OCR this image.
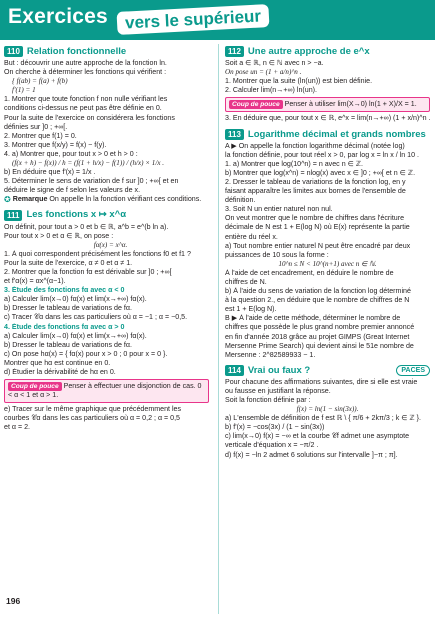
Exercices vers le supérieur
110 Relation fonctionnelle
But : découvrir une autre approche de la fonction ln.
On cherche à déterminer les fonctions qui vérifient :
{ f(ab) = f(a) + f(b)
f'(1) = 1
1. Montrer que toute fonction f non nulle vérifiant les
conditions ci-dessus ne peut pas être définie en 0.
Pour la suite de l'exercice on considérera les fonctions
définies sur ]0 ; +∞[.
2. Montrer que f(1) = 0.
3. Montrer que f(x/y) = f(x) − f(y).
4. a) Montrer que, pour tout x > 0 et h > 0 :
(f(x + h) − f(x)) / h = (f(1 + h/x) − f(1)) / (h/x) × 1/x .
b) En déduire que f'(x) = 1/x .
5. Déterminer le sens de variation de f sur ]0 ; +∞[ et en
déduire le signe de f selon les valeurs de x.
✪ Remarque On appelle ln la fonction vérifiant ces conditions.
111 Les fonctions x ↦ x^α
On définit, pour tout a > 0 et b ∈ ℝ, a^b = e^(b ln a).
Pour tout x > 0 et α ∈ ℝ, on pose :
fα(x) = x^α.
1. À quoi correspondent précisément les fonctions f0 et f1 ?
Pour la suite de l'exercice, α ≠ 0 et α ≠ 1.
2. Montrer que la fonction fα est dérivable sur ]0 ; +∞[
et f'α(x) = αx^(α−1).
3. Étude des fonctions fα avec α < 0
a) Calculer lim(x→0) fα(x) et lim(x→+∞) fα(x).
b) Dresser le tableau de variations de fα.
c) Tracer 𝒞α dans les cas particuliers où α = −1 ; α = −0,5.
4. Étude des fonctions fα avec α > 0
a) Calculer lim(x→0) fα(x) et lim(x→+∞) fα(x).
b) Dresser le tableau de variations de fα.
c) On pose hα(x) = { fα(x) pour x > 0 ; 0 pour x = 0 }.
Montrer que hα est continue en 0.
d) Étudier la dérivabilité de hα en 0.
Coup de pouce Penser à effectuer une disjonction de cas. 0 < α < 1 et α > 1.
e) Tracer sur le même graphique que précédemment les
courbes 𝒞α dans les cas particuliers où α = 0,2 ; α = 0,5
et α = 2.
112 Une autre approche de e^x
Soit a ∈ ℝ, n ∈ ℕ avec n > −a.
On pose un = (1 + a/n)^n .
1. Montrer que la suite (ln(un)) est bien définie.
2. Calculer lim(n→+∞) ln(un).
Coup de pouce Penser à utiliser lim(X→0) ln(1 + X)/X = 1.
3. En déduire que, pour tout x ∈ ℝ, e^x = lim(n→+∞) (1 + x/n)^n .
113 Logarithme décimal et grands nombres
A ▶ On appelle la fonction logarithme décimal (notée log)
la fonction définie, pour tout réel x > 0, par log x = ln x / ln 10 .
1. a) Montrer que log(10^n) = n avec n ∈ ℤ.
b) Montrer que log(x^n) = nlog(x) avec x ∈ ]0 ; +∞[ et n ∈ ℤ.
2. Dresser le tableau de variations de la fonction log, en y
faisant apparaître les limites aux bornes de l'ensemble de
définition.
3. Soit N un entier naturel non nul.
On veut montrer que le nombre de chiffres dans l'écriture
décimale de N est 1 + E(log N) où E(x) représente la partie
entière du réel x.
a) Tout nombre entier naturel N peut être encadré par deux
puissances de 10 sous la forme :
10^n ≤ N < 10^(n+1) avec n ∈ ℕ.
À l'aide de cet encadrement, en déduire le nombre de
chiffres de N.
b) À l'aide du sens de variation de la fonction log déterminé
à la question 2., en déduire que le nombre de chiffres de N
est 1 + E(log N).
B ▶ À l'aide de cette méthode, déterminer le nombre de
chiffres que possède le plus grand nombre premier annoncé
en fin d'année 2018 grâce au projet GIMPS (Great Internet
Mersenne Prime Search) qui devient ainsi le 51e nombre de
Mersenne : 2^82589933 − 1.
114 Vrai ou faux ?	PACES
Pour chacune des affirmations suivantes, dire si elle est vraie
ou fausse en justifiant la réponse.
Soit la fonction définie par :
f(x) = ln(1 − sin(3x)).
a) L'ensemble de définition de f est ℝ \ { π/6 + 2kπ/3 ; k ∈ ℤ }.
b) f'(x) = −cos(3x) / (1 − sin(3x))
c) lim(x→0) f(x) = −∞ et la courbe 𝒞f admet une asymptote
verticale d'équation x = −π/2 .
d) f(x) = −ln 2 admet 6 solutions sur l'intervalle ]−π ; π].
196
